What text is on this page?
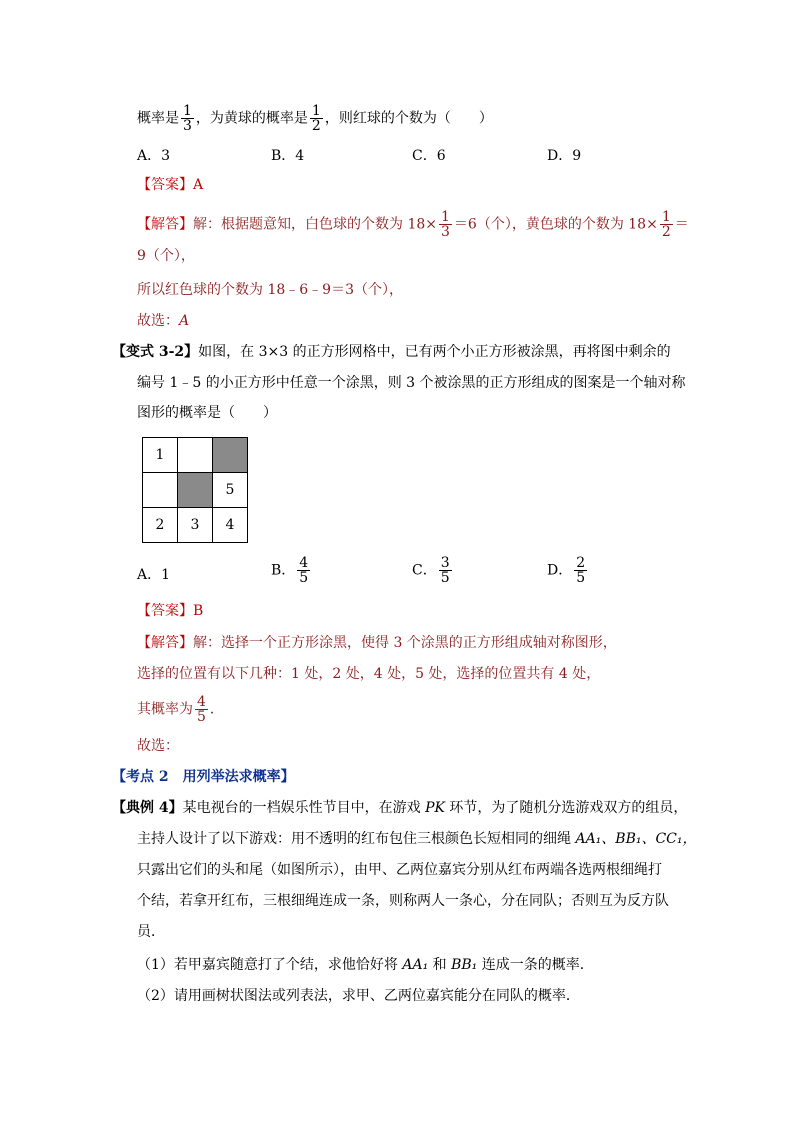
概率是 $\frac{1}{3}$ ，为黄球的概率是 $\frac{1}{2}$ ，则红球的个数为（　　）
A．3	B．4	C．6	D．9
【答案】A
【解答】解：根据题意知，白色球的个数为 $18\times \frac{1}{3} =6$（个），黄色球的个数为 $18\times \frac{1}{2}$ ＝
9（个），
所以红色球的个数为 18﹣6﹣9＝3（个），
故选：A
【变式 3-2】如图，在 3×3 的正方形网格中，已有两个小正方形被涂黑，再将图中剩余的
编号 1﹣5 的小正方形中任意一个涂黑，则 3 个被涂黑的正方形组成的图案是一个轴对称
图形的概率是（　　）
1		
		5
2	3	4
A．1	B． $\frac{4}{5}$	C． $\frac{3}{5}$	D． $\frac{2}{5}$
【答案】B
【解答】解：选择一个正方形涂黑，使得 3 个涂黑的正方形组成轴对称图形，
选择的位置有以下几种：1 处，2 处，4 处，5 处，选择的位置共有 4 处，
其概率为 $\frac{4}{5}$ ．
故选：
【考点 2　用列举法求概率】
【典例 4】某电视台的一档娱乐性节目中，在游戏 PK 环节，为了随机分选游戏双方的组员，
主持人设计了以下游戏：用不透明的红布包住三根颜色长短相同的细绳 AA₁、BB₁、CC₁，
只露出它们的头和尾（如图所示），由甲、乙两位嘉宾分别从红布两端各选两根细绳打
个结，若拿开红布，三根细绳连成一条，则称两人一条心，分在同队；否则互为反方队
员．
（1）若甲嘉宾随意打了个结，求他恰好将 AA₁ 和 BB₁ 连成一条的概率．
（2）请用画树状图法或列表法，求甲、乙两位嘉宾能分在同队的概率．
